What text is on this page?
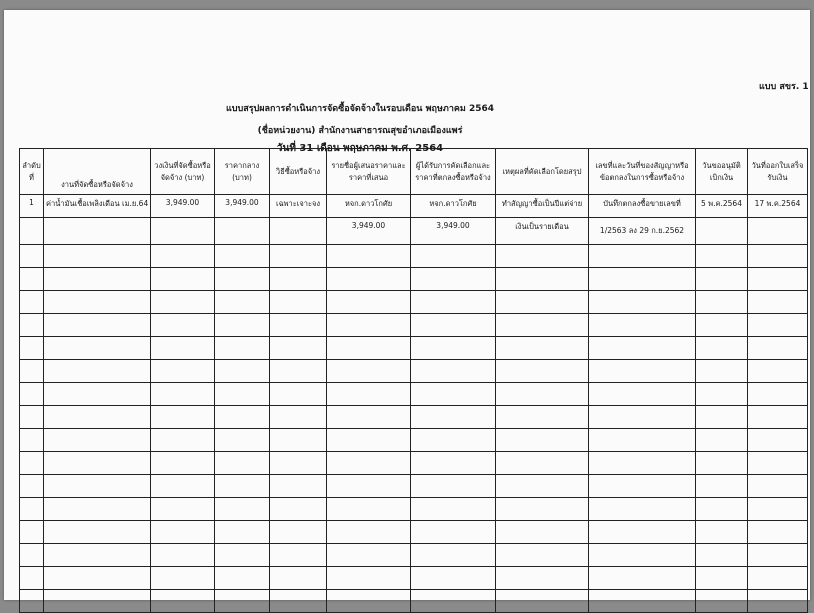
แบบ สขร. 1
แบบสรุปผลการดำเนินการจัดซื้อจัดจ้างในรอบเดือน พฤษภาคม 2564
(ชื่อหน่วยงาน) สำนักงานสาธารณสุขอำเภอเมืองแพร่
วันที่ 31 เดือน พฤษภาคม พ.ศ. 2564
ลำดับที่	งานที่จัดซื้อหรือจัดจ้าง	วงเงินที่จัดซื้อหรือจัดจ้าง (บาท)	ราคากลาง (บาท)	วิธีซื้อหรือจ้าง	รายชื่อผู้เสนอราคาและราคาที่เสนอ	ผู้ได้รับการคัดเลือกและราคาที่ตกลงซื้อหรือจ้าง	เหตุผลที่คัดเลือกโดยสรุป	เลขที่และวันที่ของสัญญาหรือข้อตกลงในการซื้อหรือจ้าง	วันขออนุมัติเบิกเงิน	วันที่ออกใบเสร็จรับเงิน
1	ค่าน้ำมันเชื้อเพลิงเดือน เม.ย.64	3,949.00	3,949.00	เฉพาะเจาะจง	หจก.ดาวโกศัย	หจก.ดาวโกศัย	ทำสัญญาซื้อเป็นปีแต่จ่าย	บันทึกตกลงซื้อขายเลขที่	5 พ.ค.2564	17 พ.ค.2564
					3,949.00	3,949.00	เงินเป็นรายเดือน	1/2563 ลง 29 ก.ย.2562		
